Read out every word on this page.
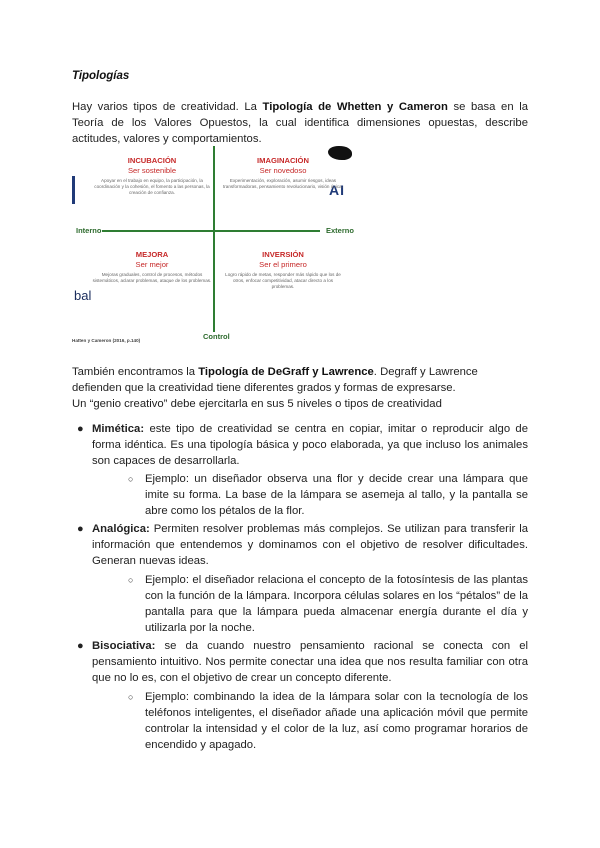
Tipologías

Hay varios tipos de creatividad. La Tipología de Whetten y Cameron se basa en la Teoría de los Valores Opuestos, la cual identifica dimensiones opuestas, describe actitudes, valores y comportamientos.

bal
AI
Interno	Externo
Control
INCUBACIÓN
Ser sostenible
Apoyar en el trabajo en equipo, la participación, la coordinación y la cohesión, el fomento a las personas, la creación de confianza.
IMAGINACIÓN
Ser novedoso
Experimentación, exploración, asumir riesgos, ideas transformadoras, pensamiento revolucionario, visión única.
MEJORA
Ser mejor
Mejoras graduales, control de procesos, métodos sistemáticos, aclarar problemas, ataque de los problemas.
INVERSIÓN
Ser el primero
Logro rápido de metas, responder más rápido que los de otros, enfocar competitividad, atacar directo a los problemas.
Hatten y Cameron (2016, p.140)

También encontramos la Tipología de DeGraff y Lawrence. Degraff y Lawrence defienden que la creatividad tiene diferentes grados y formas de expresarse.
Un “genio creativo” debe ejercitarla en sus 5 niveles o tipos de creatividad

● Mimética: este tipo de creatividad se centra en copiar, imitar o reproducir algo de forma idéntica. Es una tipología básica y poco elaborada, ya que incluso los animales son capaces de desarrollarla.
○ Ejemplo: un diseñador observa una flor y decide crear una lámpara que imite su forma. La base de la lámpara se asemeja al tallo, y la pantalla se abre como los pétalos de la flor.
● Analógica: Permiten resolver problemas más complejos. Se utilizan para transferir la información que entendemos y dominamos con el objetivo de resolver dificultades. Generan nuevas ideas.
○ Ejemplo: el diseñador relaciona el concepto de la fotosíntesis de las plantas con la función de la lámpara. Incorpora células solares en los “pétalos” de la pantalla para que la lámpara pueda almacenar energía durante el día y utilizarla por la noche.
● Bisociativa: se da cuando nuestro pensamiento racional se conecta con el pensamiento intuitivo. Nos permite conectar una idea que nos resulta familiar con otra que no lo es, con el objetivo de crear un concepto diferente.
○ Ejemplo: combinando la idea de la lámpara solar con la tecnología de los teléfonos inteligentes, el diseñador añade una aplicación móvil que permite controlar la intensidad y el color de la luz, así como programar horarios de encendido y apagado.
